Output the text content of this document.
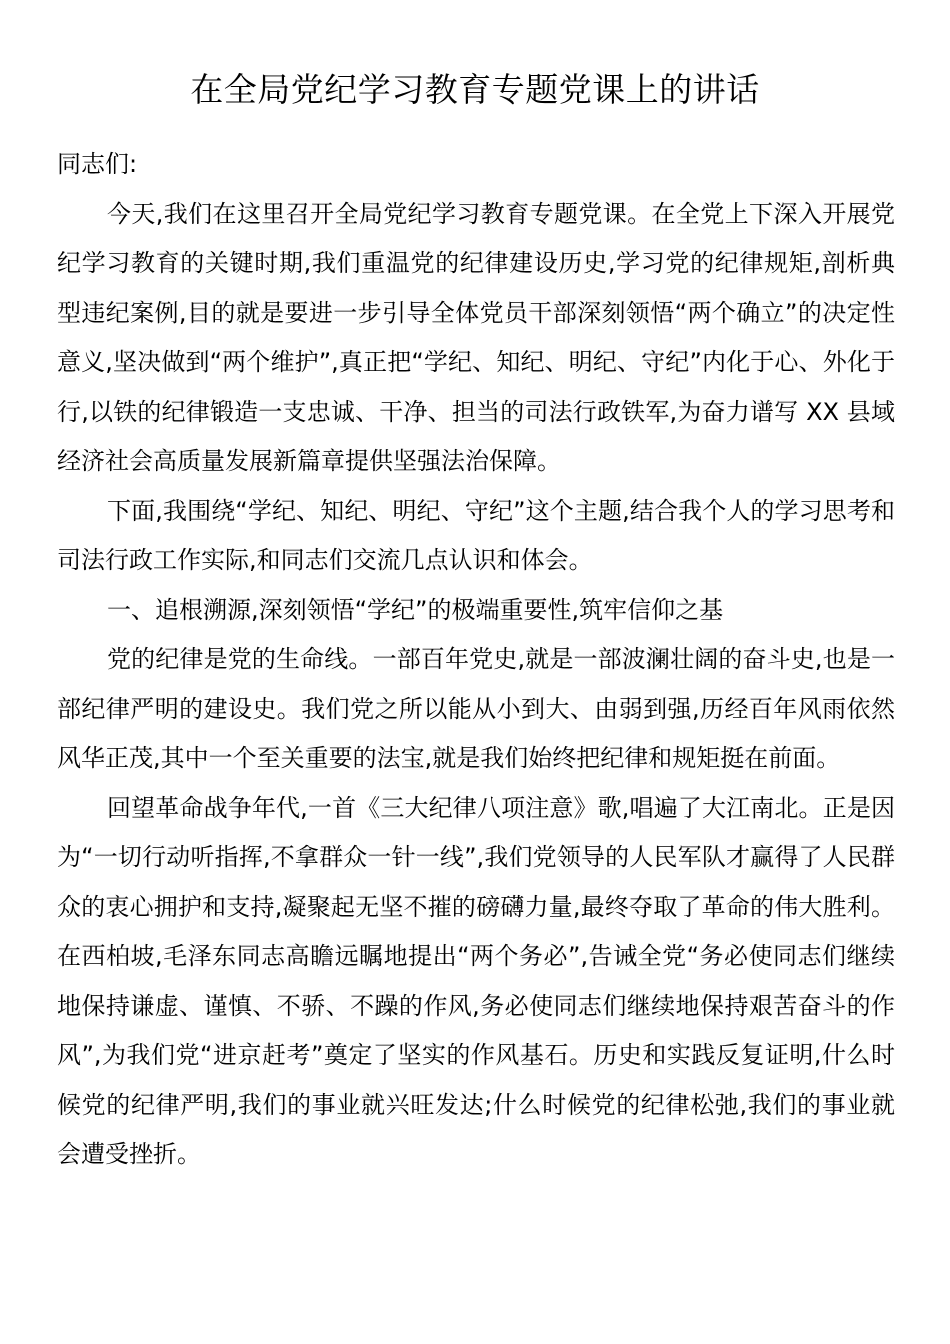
在全局党纪学习教育专题党课上的讲话

同志们:

今天,我们在这里召开全局党纪学习教育专题党课。在全党上下深入开展党纪学习教育的关键时期,我们重温党的纪律建设历史,学习党的纪律规矩,剖析典型违纪案例,目的就是要进一步引导全体党员干部深刻领悟“两个确立”的决定性意义,坚决做到“两个维护”,真正把“学纪、知纪、明纪、守纪”内化于心、外化于行,以铁的纪律锻造一支忠诚、干净、担当的司法行政铁军,为奋力谱写 XX 县域经济社会高质量发展新篇章提供坚强法治保障。

下面,我围绕“学纪、知纪、明纪、守纪”这个主题,结合我个人的学习思考和司法行政工作实际,和同志们交流几点认识和体会。

一、追根溯源,深刻领悟“学纪”的极端重要性,筑牢信仰之基

党的纪律是党的生命线。一部百年党史,就是一部波澜壮阔的奋斗史,也是一部纪律严明的建设史。我们党之所以能从小到大、由弱到强,历经百年风雨依然风华正茂,其中一个至关重要的法宝,就是我们始终把纪律和规矩挺在前面。

回望革命战争年代,一首《三大纪律八项注意》歌,唱遍了大江南北。正是因为“一切行动听指挥,不拿群众一针一线”,我们党领导的人民军队才赢得了人民群众的衷心拥护和支持,凝聚起无坚不摧的磅礴力量,最终夺取了革命的伟大胜利。在西柏坡,毛泽东同志高瞻远瞩地提出“两个务必”,告诫全党“务必使同志们继续地保持谦虚、谨慎、不骄、不躁的作风,务必使同志们继续地保持艰苦奋斗的作风”,为我们党“进京赶考”奠定了坚实的作风基石。历史和实践反复证明,什么时候党的纪律严明,我们的事业就兴旺发达;什么时候党的纪律松弛,我们的事业就会遭受挫折。
